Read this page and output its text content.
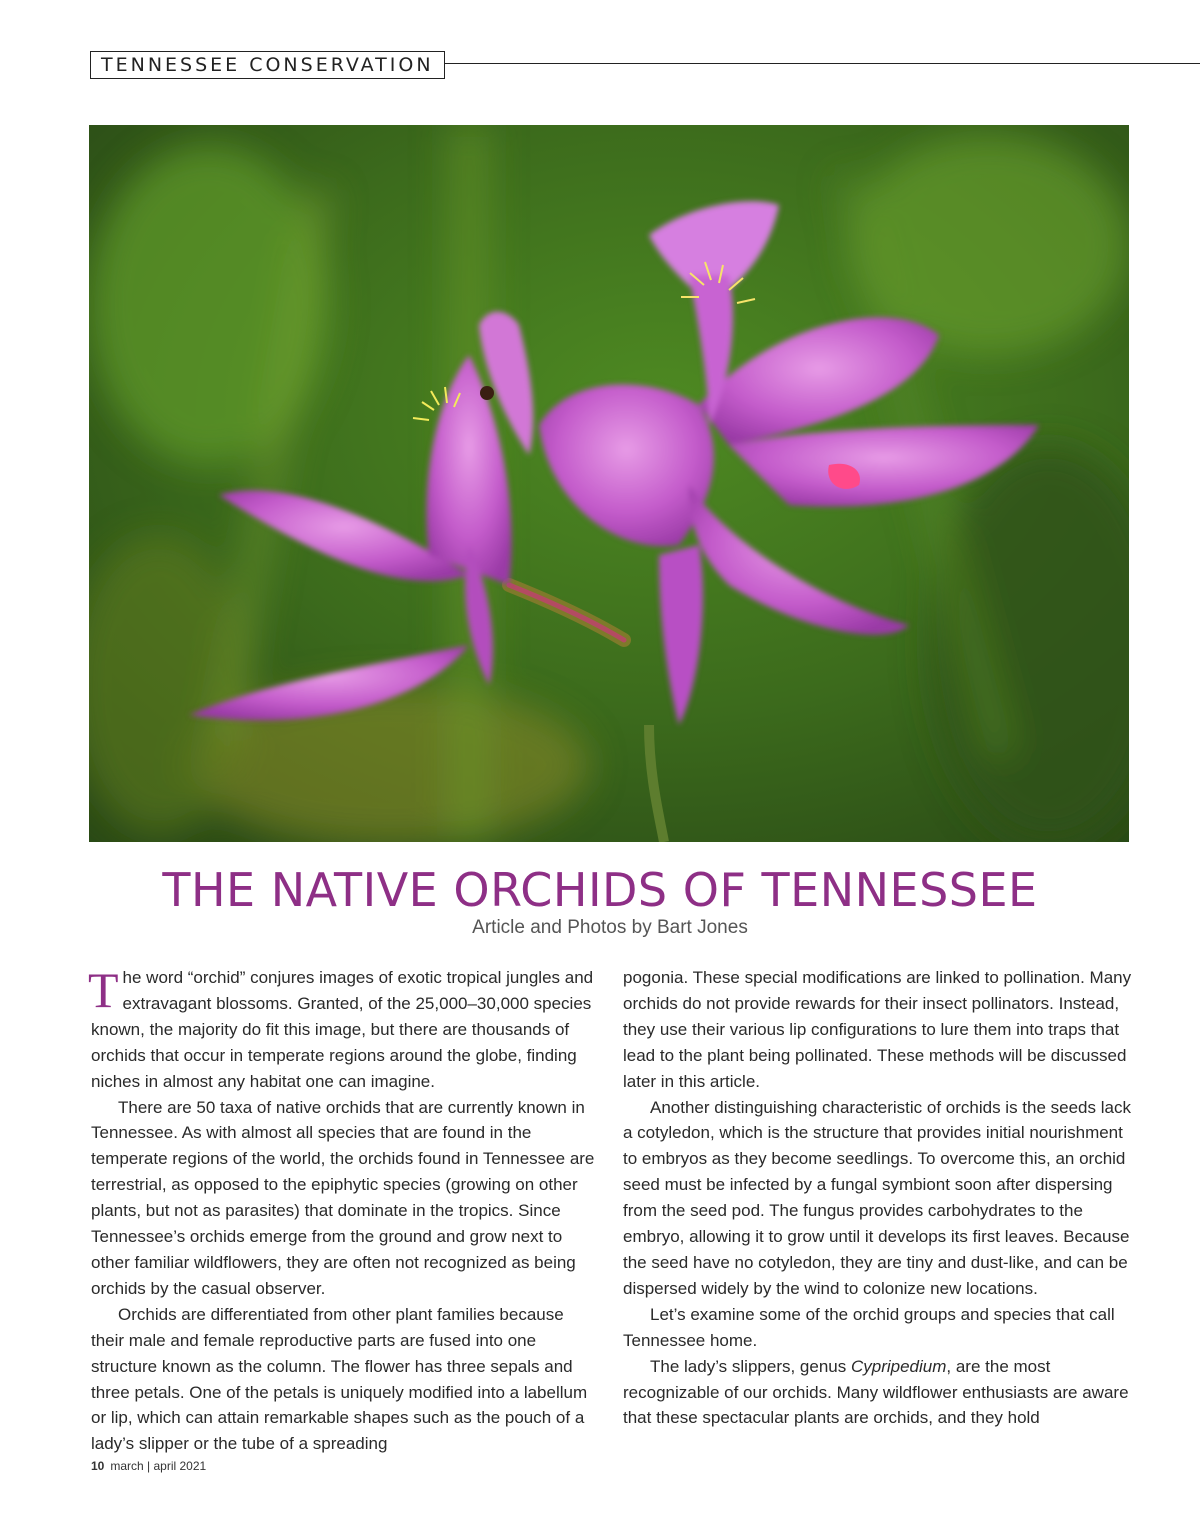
TENNESSEE CONSERVATION
THE NATIVE ORCHIDS OF TENNESSEE
Article and Photos by Bart Jones

The word “orchid” conjures images of exotic tropical jungles and extravagant blossoms. Granted, of the 25,000–30,000 species known, the majority do fit this image, but there are thousands of orchids that occur in temperate regions around the globe, finding niches in almost any habitat one can imagine.

There are 50 taxa of native orchids that are currently known in Tennessee. As with almost all species that are found in the temperate regions of the world, the orchids found in Tennessee are terrestrial, as opposed to the epiphytic species (growing on other plants, but not as parasites) that dominate in the tropics. Since Tennessee’s orchids emerge from the ground and grow next to other familiar wildflowers, they are often not recognized as being orchids by the casual observer.

Orchids are differentiated from other plant families because their male and female reproductive parts are fused into one structure known as the column. The flower has three sepals and three petals. One of the petals is uniquely modified into a labellum or lip, which can attain remarkable shapes such as the pouch of a lady’s slipper or the tube of a spreading

pogonia. These special modifications are linked to pollination. Many orchids do not provide rewards for their insect pollinators. Instead, they use their various lip configurations to lure them into traps that lead to the plant being pollinated. These methods will be discussed later in this article.

Another distinguishing characteristic of orchids is the seeds lack a cotyledon, which is the structure that provides initial nourishment to embryos as they become seedlings. To overcome this, an orchid seed must be infected by a fungal symbiont soon after dispersing from the seed pod. The fungus provides carbohydrates to the embryo, allowing it to grow until it develops its first leaves. Because the seed have no cotyledon, they are tiny and dust-like, and can be dispersed widely by the wind to colonize new locations.

Let’s examine some of the orchid groups and species that call Tennessee home.

The lady’s slippers, genus Cypripedium, are the most recognizable of our orchids. Many wildflower enthusiasts are aware that these spectacular plants are orchids, and they hold

10 march | april 2021
